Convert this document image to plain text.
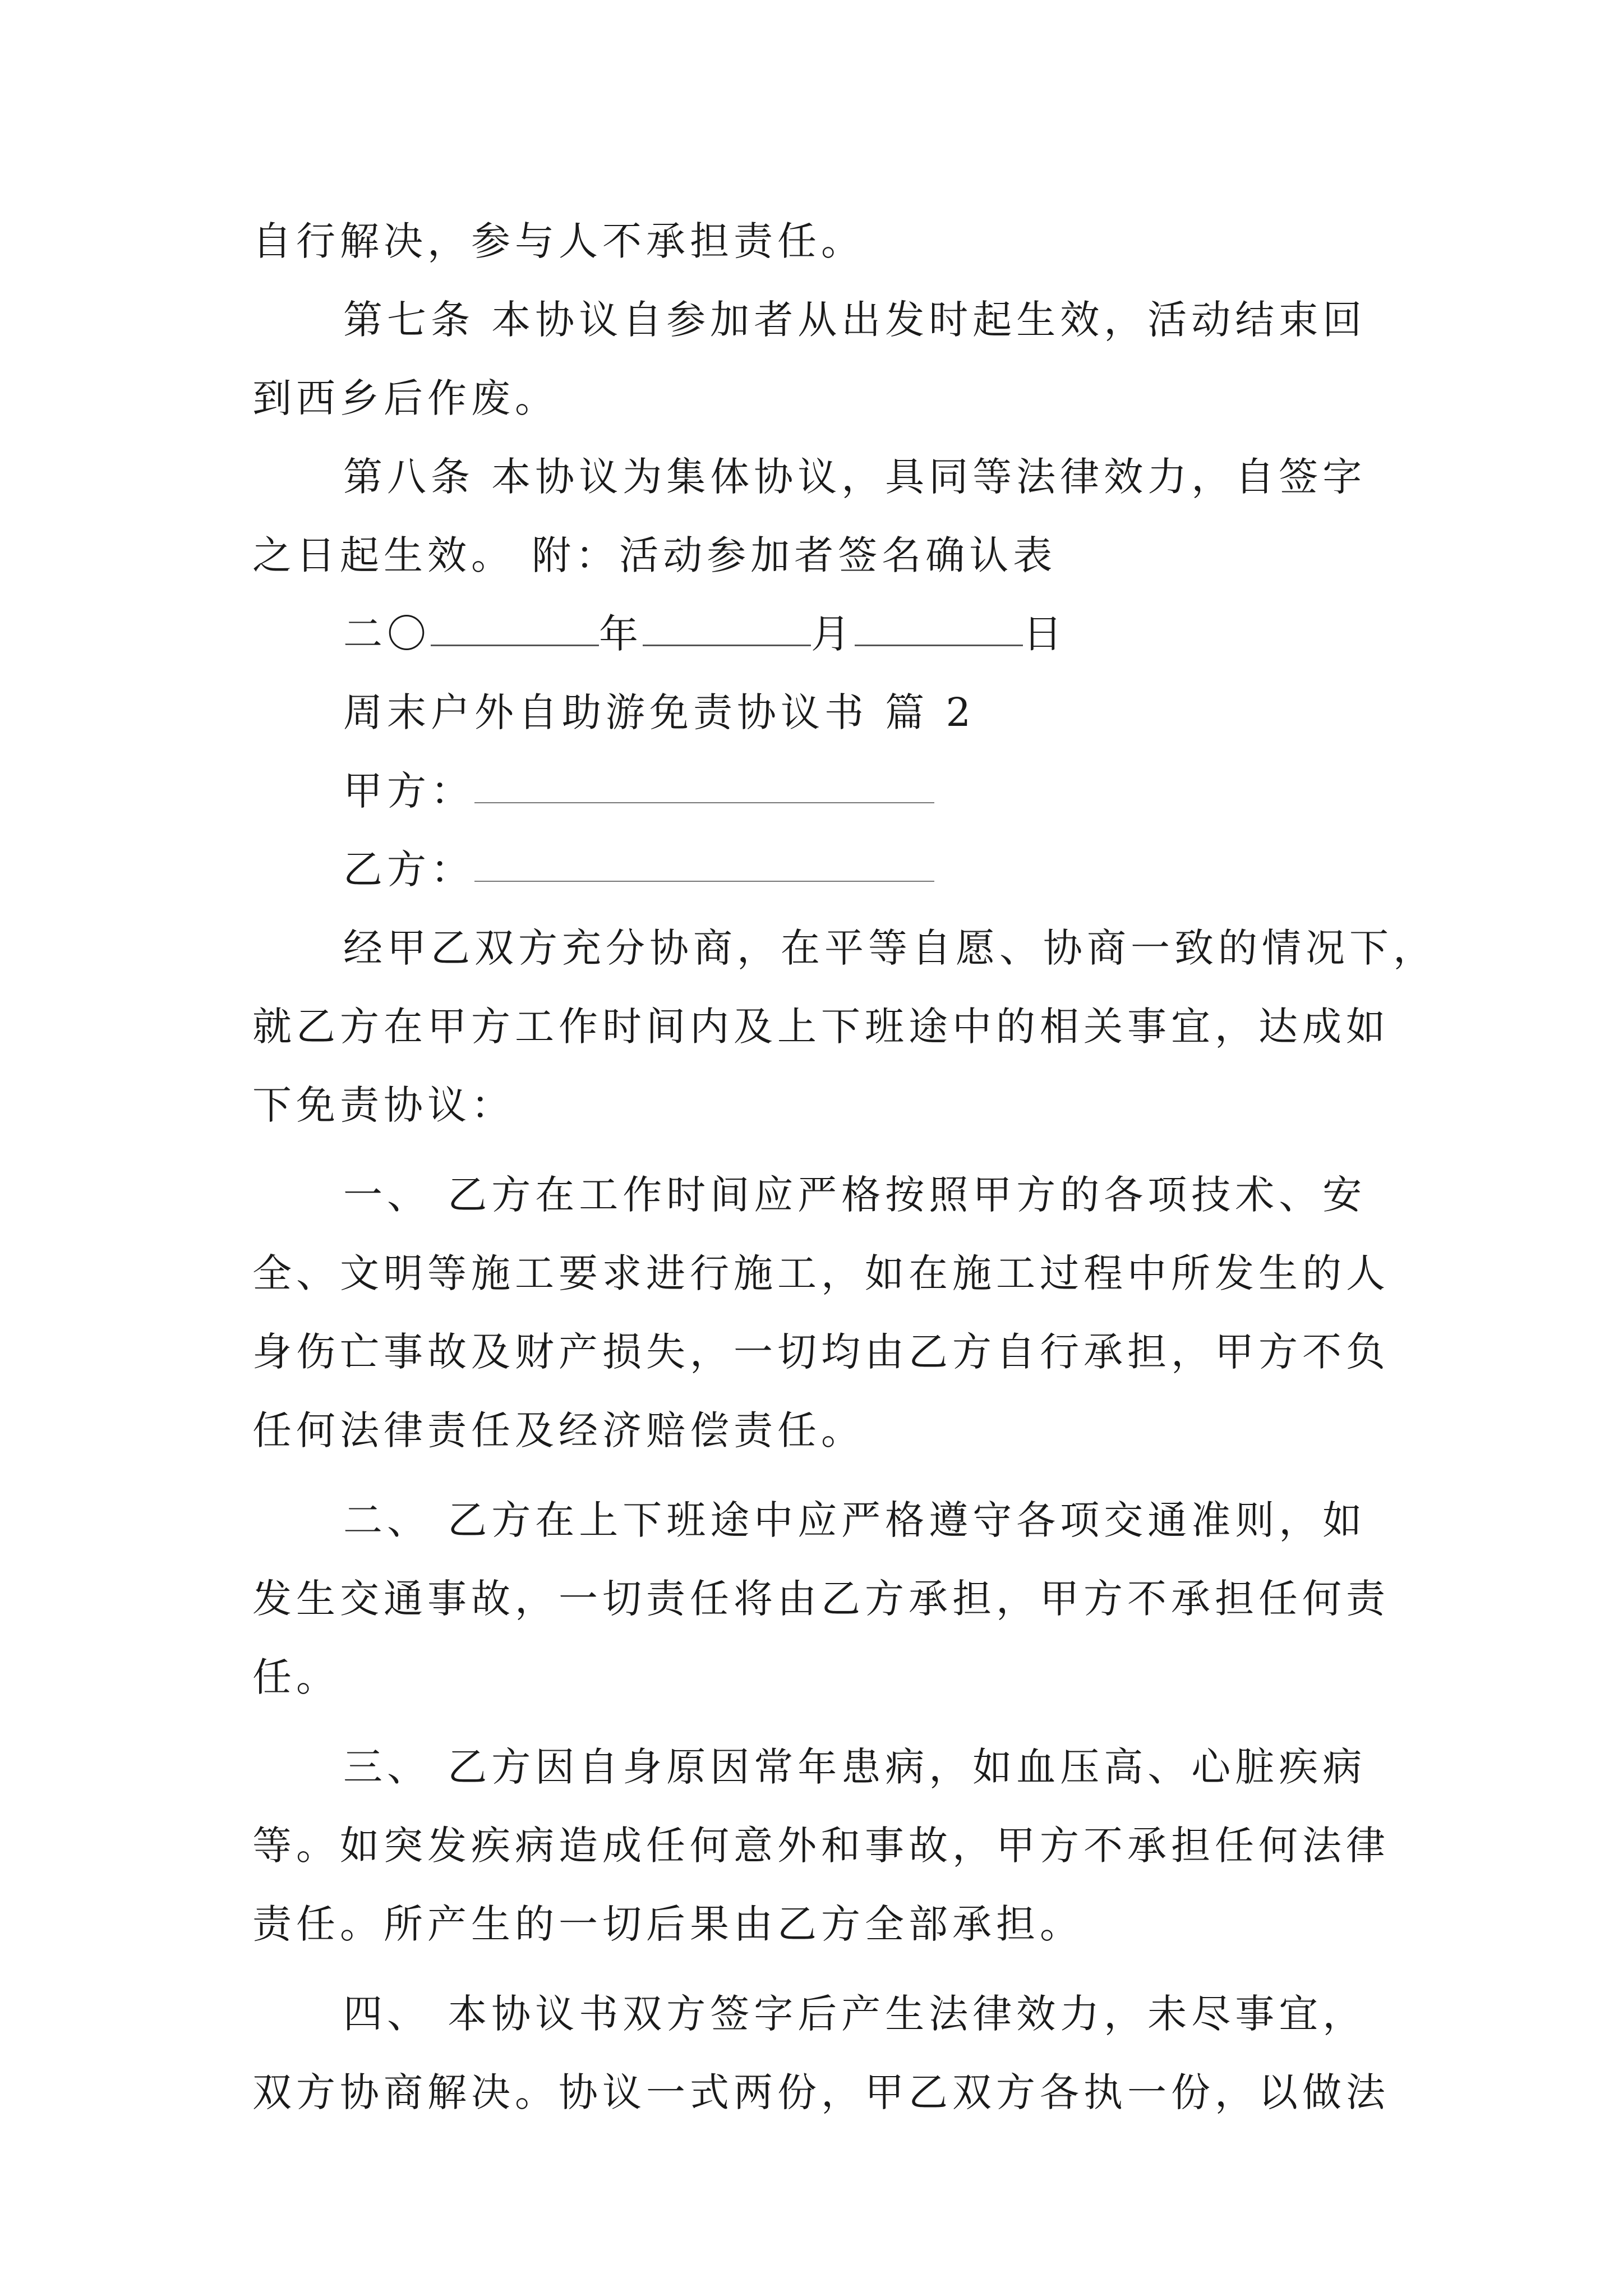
自行解决，参与人不承担责任。
第七条 本协议自参加者从出发时起生效，活动结束回
到西乡后作废。
第八条 本协议为集体协议，具同等法律效力，自签字
之日起生效。 附：活动参加者签名确认表
二〇	年	月	日
周末户外自助游免责协议书 篇 2
甲方：
乙方：
经甲乙双方充分协商，在平等自愿、协商一致的情况下，
就乙方在甲方工作时间内及上下班途中的相关事宜，达成如
下免责协议：
一、 乙方在工作时间应严格按照甲方的各项技术、安
全、文明等施工要求进行施工，如在施工过程中所发生的人
身伤亡事故及财产损失，一切均由乙方自行承担，甲方不负
任何法律责任及经济赔偿责任。
二、 乙方在上下班途中应严格遵守各项交通准则，如
发生交通事故，一切责任将由乙方承担，甲方不承担任何责
任。
三、 乙方因自身原因常年患病，如血压高、心脏疾病
等。如突发疾病造成任何意外和事故，甲方不承担任何法律
责任。所产生的一切后果由乙方全部承担。
四、 本协议书双方签字后产生法律效力，未尽事宜，
双方协商解决。协议一式两份，甲乙双方各执一份，以做法
